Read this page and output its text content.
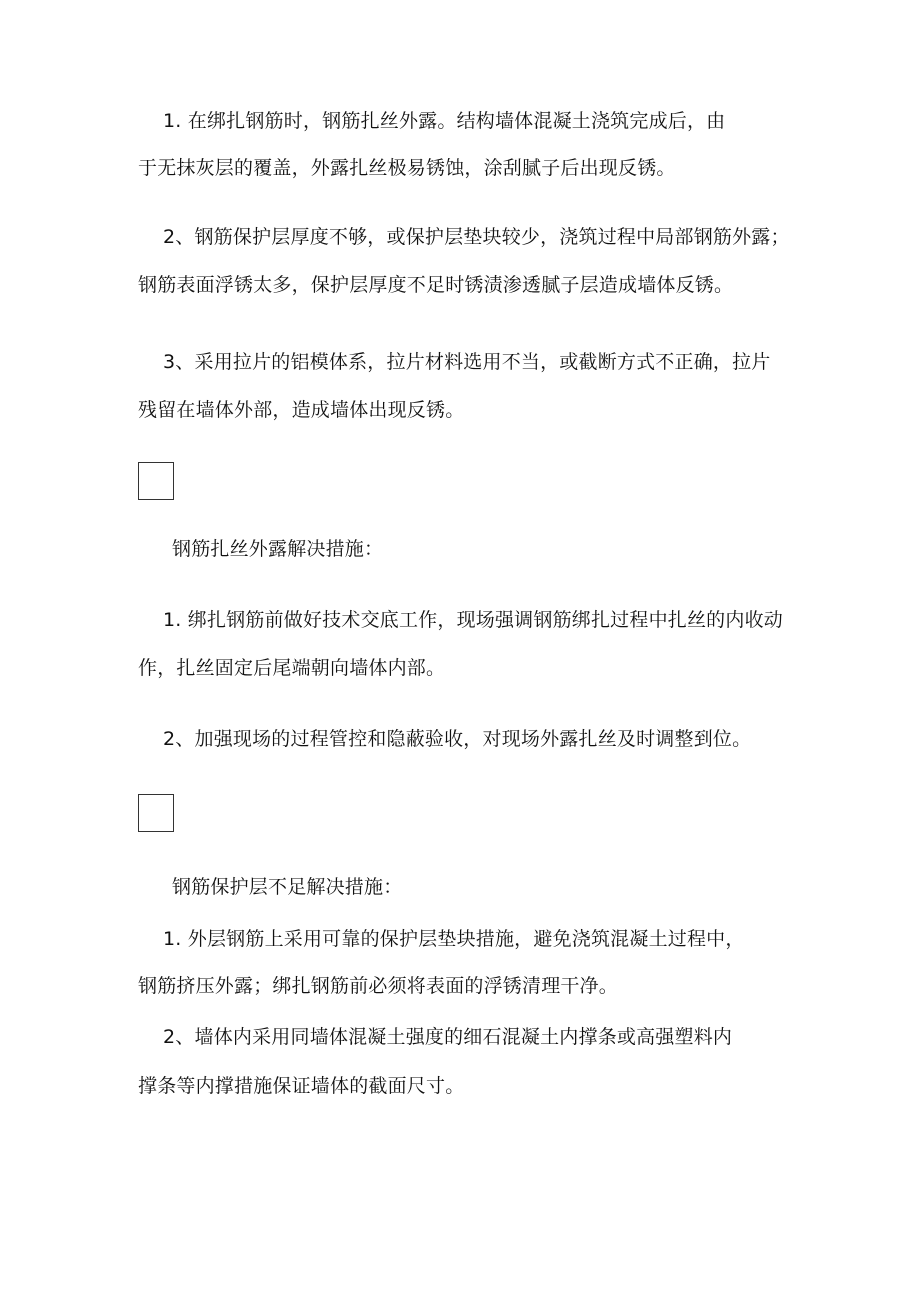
1. 在绑扎钢筋时，钢筋扎丝外露。结构墙体混凝土浇筑完成后，由
于无抹灰层的覆盖，外露扎丝极易锈蚀，涂刮腻子后出现反锈。
2、钢筋保护层厚度不够，或保护层垫块较少，浇筑过程中局部钢筋外露；
钢筋表面浮锈太多，保护层厚度不足时锈渍渗透腻子层造成墙体反锈。
3、采用拉片的铝模体系，拉片材料选用不当，或截断方式不正确，拉片
残留在墙体外部，造成墙体出现反锈。
钢筋扎丝外露解决措施：
1. 绑扎钢筋前做好技术交底工作，现场强调钢筋绑扎过程中扎丝的内收动
作，扎丝固定后尾端朝向墙体内部。
2、加强现场的过程管控和隐蔽验收，对现场外露扎丝及时调整到位。
钢筋保护层不足解决措施：
1. 外层钢筋上采用可靠的保护层垫块措施，避免浇筑混凝土过程中，
钢筋挤压外露；绑扎钢筋前必须将表面的浮锈清理干净。
2、墙体内采用同墙体混凝土强度的细石混凝土内撑条或高强塑料内
撑条等内撑措施保证墙体的截面尺寸。
